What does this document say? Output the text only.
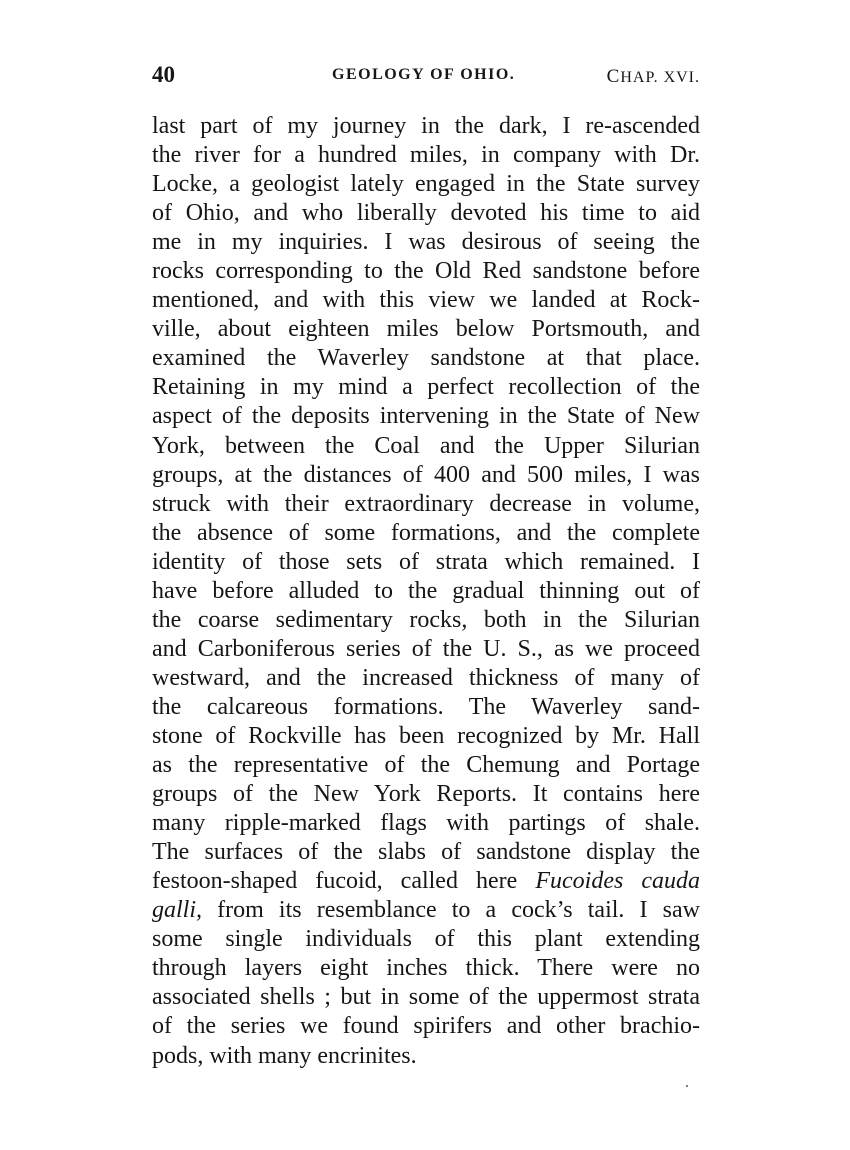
40	GEOLOGY OF OHIO.	CHAP. XVI.
last part of my journey in the dark, I re-ascended
the river for a hundred miles, in company with Dr.
Locke, a geologist lately engaged in the State survey
of Ohio, and who liberally devoted his time to aid
me in my inquiries. I was desirous of seeing the
rocks corresponding to the Old Red sandstone before
mentioned, and with this view we landed at Rock-
ville, about eighteen miles below Portsmouth, and
examined the Waverley sandstone at that place.
Retaining in my mind a perfect recollection of the
aspect of the deposits intervening in the State of New
York, between the Coal and the Upper Silurian
groups, at the distances of 400 and 500 miles, I was
struck with their extraordinary decrease in volume,
the absence of some formations, and the complete
identity of those sets of strata which remained. I
have before alluded to the gradual thinning out of
the coarse sedimentary rocks, both in the Silurian
and Carboniferous series of the U. S., as we proceed
westward, and the increased thickness of many of
the calcareous formations. The Waverley sand-
stone of Rockville has been recognized by Mr. Hall
as the representative of the Chemung and Portage
groups of the New York Reports. It contains here
many ripple-marked flags with partings of shale.
The surfaces of the slabs of sandstone display the
festoon-shaped fucoid, called here Fucoides cauda
galli, from its resemblance to a cock’s tail. I saw
some single individuals of this plant extending
through layers eight inches thick. There were no
associated shells ; but in some of the uppermost strata
of the series we found spirifers and other brachio-
pods, with many encrinites.
